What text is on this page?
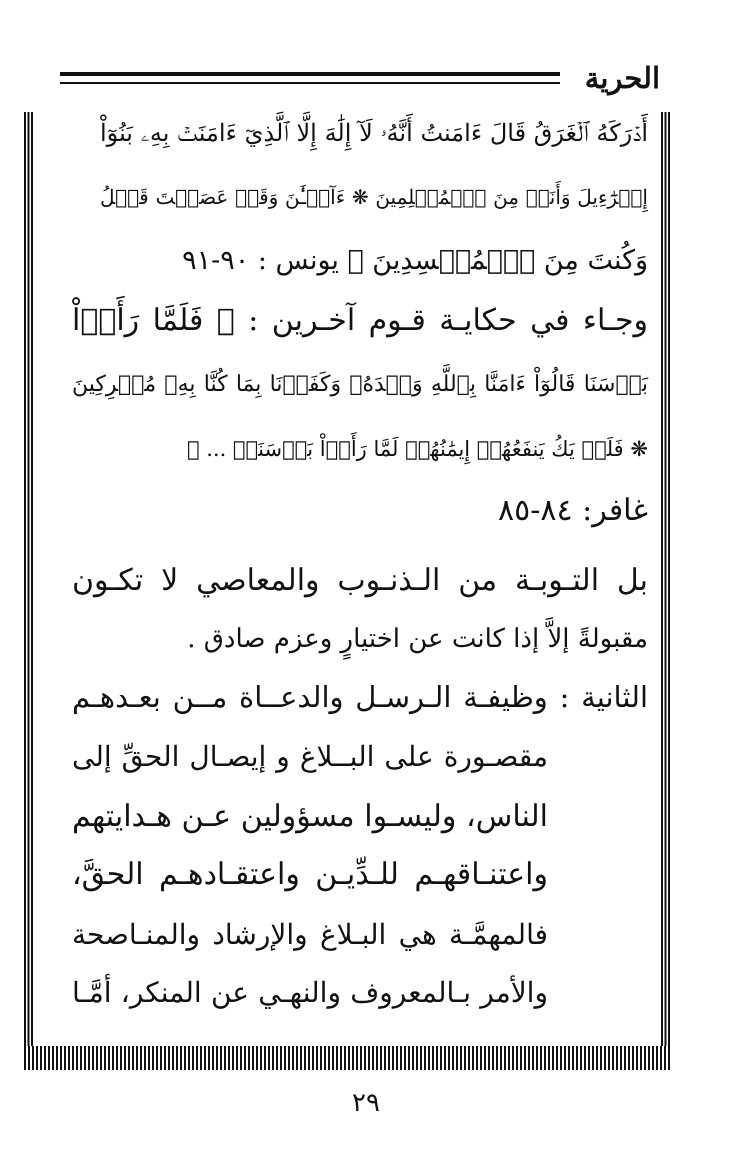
الحرية
أَدۡرَكَهُ ٱلۡغَرَقُ قَالَ ءَامَنتُ أَنَّهُۥ لَآ إِلَٰهَ إِلَّا ٱلَّذِيٓ ءَامَنَتۡ بِهِۦ بَنُوٓاْ
إِسۡرَٰٓءِيلَ وَأَنَا۠ مِنَ ٱلۡمُسۡلِمِينَ ❋ ءَآلۡـَٰٔنَ وَقَدۡ عَصَيۡتَ قَبۡلُ
وَكُنتَ مِنَ ٱلۡمُفۡسِدِينَ ﴾ يونس : ٩٠-٩١
وجـاء في حكايـة قـوم آخـرين : ﴿ فَلَمَّا رَأَوۡاْ
بَأۡسَنَا قَالُوٓاْ ءَامَنَّا بِٱللَّهِ وَحۡدَهُۥ وَكَفَرۡنَا بِمَا كُنَّا بِهِۦ مُشۡرِكِينَ
❋ فَلَمۡ يَكُ يَنفَعُهُمۡ إِيمَٰنُهُمۡ لَمَّا رَأَوۡاْ بَأۡسَنَاۖ ... ﴾
غافر: ٨٤-٨٥
بل التـوبـة من الـذنـوب والمعاصي لا تكـون
مقبولةً إلاَّ إذا كانت عن اختيارٍ وعزم صادق .
الثانية : وظيفـة الـرسـل والدعــاة مــن بعـدهـم
مقصـورة على البــلاغ و إيصـال الحقِّ إلى
الناس، وليسـوا مسؤولين عـن هـدايتهم
واعتنـاقهـم للـدِّيـن واعتقـادهـم الحقَّ،
فالمهمَّـة هي البـلاغ والإرشاد والمنـاصحة
والأمر بـالمعروف والنهـي عن المنكر، أمَّـا
٢٩
